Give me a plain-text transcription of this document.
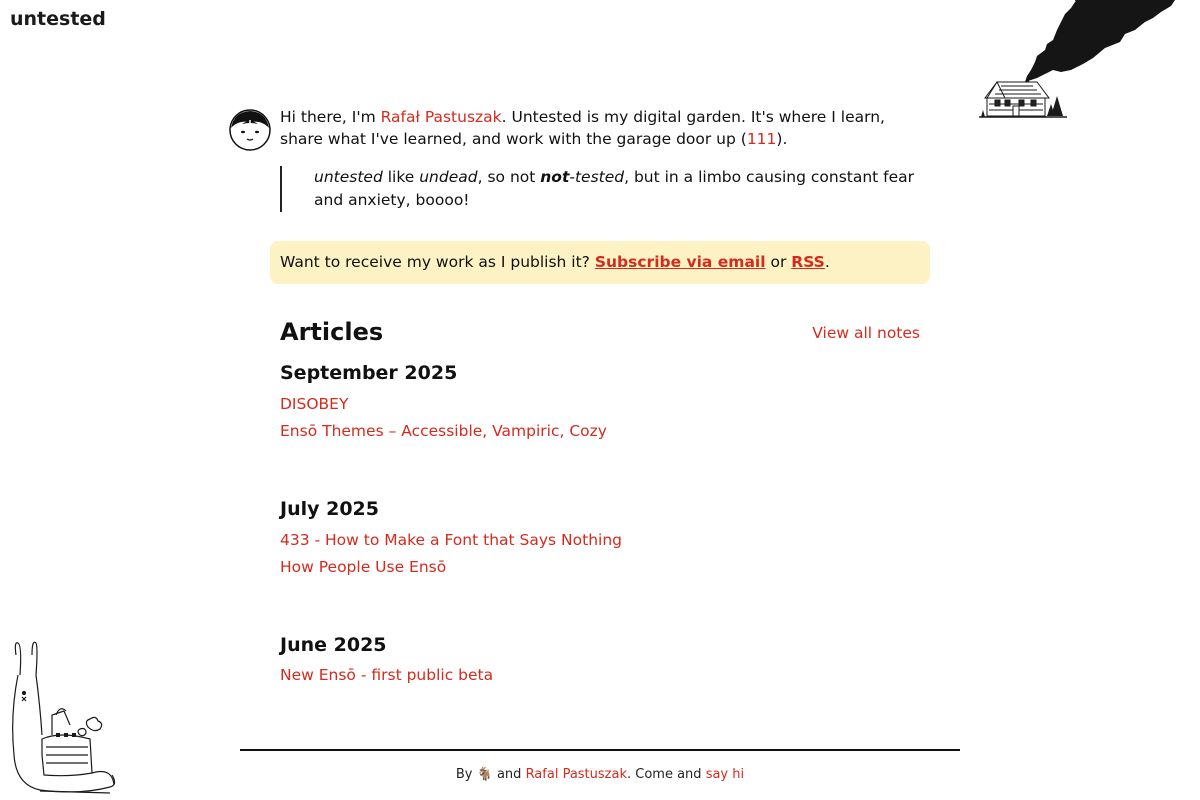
untested
Hi there, I'm Rafał Pastuszak. Untested is my digital garden. It's where I learn, share what I've learned, and work with the garage door up (111).
untested like undead, so not not-tested, but in a limbo causing constant fear and anxiety, boooo!
Want to receive my work as I publish it? Subscribe via email or RSS.
Articles	View all notes
September 2025
DISOBEY
Ensō Themes – Accessible, Vampiric, Cozy
July 2025
433 - How to Make a Font that Says Nothing
How People Use Ensō
June 2025
New Ensō - first public beta
By 🐐 and Rafal Pastuszak. Come and say hi
